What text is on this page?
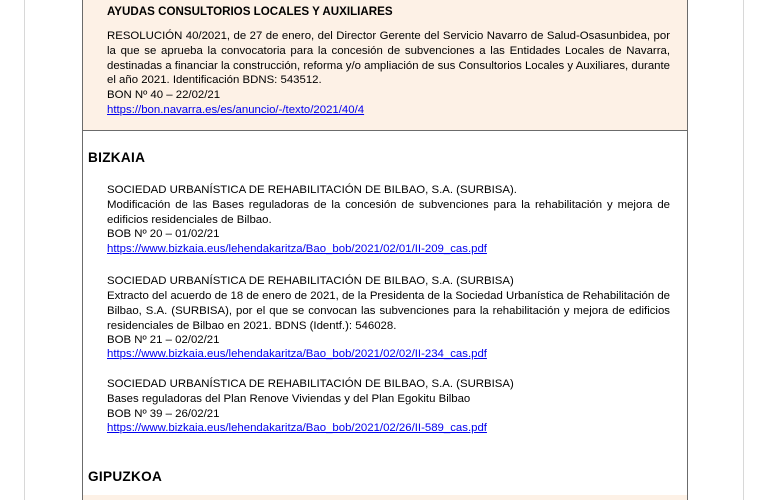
AYUDAS CONSULTORIOS LOCALES Y AUXILIARES

RESOLUCIÓN 40/2021, de 27 de enero, del Director Gerente del Servicio Navarro de Salud-Osasunbidea, por la que se aprueba la convocatoria para la concesión de subvenciones a las Entidades Locales de Navarra, destinadas a financiar la construcción, reforma y/o ampliación de sus Consultorios Locales y Auxiliares, durante el año 2021. Identificación BDNS: 543512.

BON Nº 40 – 22/02/21

https://bon.navarra.es/es/anuncio/-/texto/2021/40/4

BIZKAIA

SOCIEDAD URBANÍSTICA DE REHABILITACIÓN DE BILBAO, S.A. (SURBISA).

Modificación de las Bases reguladoras de la concesión de subvenciones para la rehabilitación y mejora de edificios residenciales de Bilbao.

BOB Nº 20 – 01/02/21

https://www.bizkaia.eus/lehendakaritza/Bao_bob/2021/02/01/II-209_cas.pdf

SOCIEDAD URBANÍSTICA DE REHABILITACIÓN DE BILBAO, S.A. (SURBISA)

Extracto del acuerdo de 18 de enero de 2021, de la Presidenta de la Sociedad Urbanística de Rehabilitación de Bilbao, S.A. (SURBISA), por el que se convocan las subvenciones para la rehabilitación y mejora de edificios residenciales de Bilbao en 2021. BDNS (Identf.): 546028.

BOB Nº 21 – 02/02/21

https://www.bizkaia.eus/lehendakaritza/Bao_bob/2021/02/02/II-234_cas.pdf

SOCIEDAD URBANÍSTICA DE REHABILITACIÓN DE BILBAO, S.A. (SURBISA)

Bases reguladoras del Plan Renove Viviendas y del Plan Egokitu Bilbao

BOB Nº 39 – 26/02/21

https://www.bizkaia.eus/lehendakaritza/Bao_bob/2021/02/26/II-589_cas.pdf

GIPUZKOA
